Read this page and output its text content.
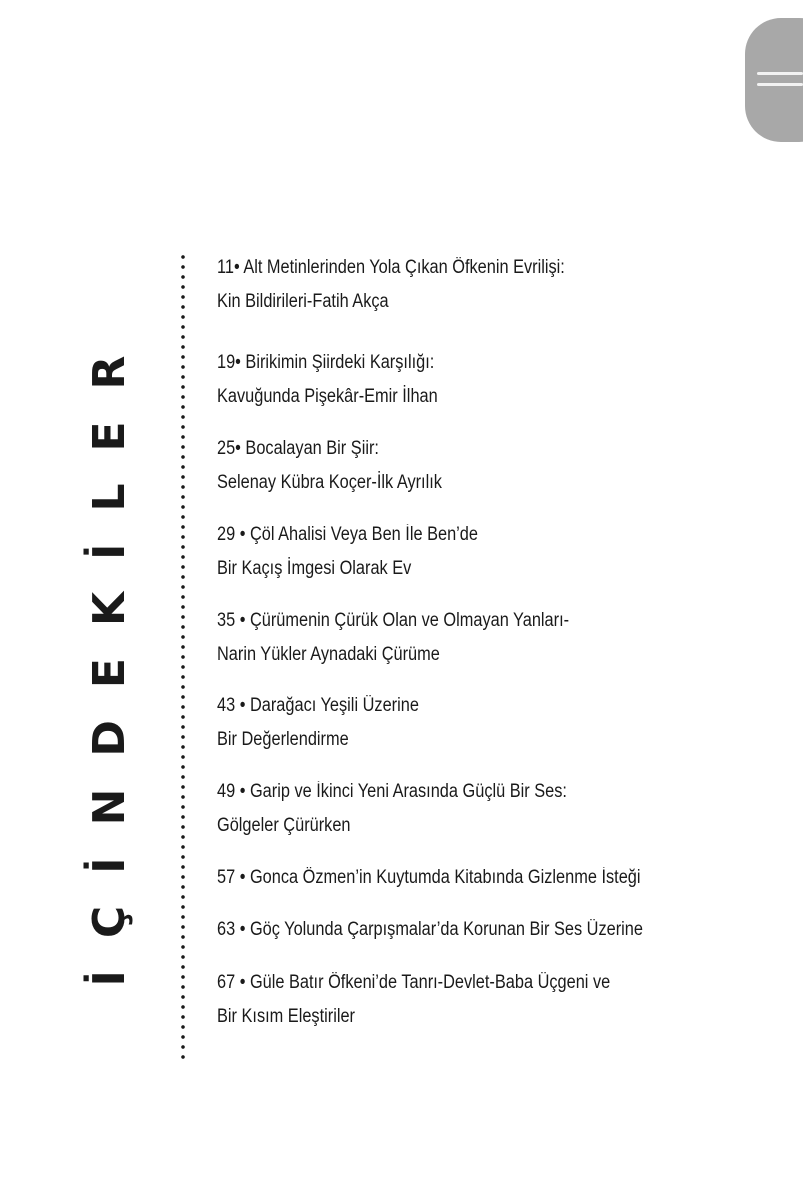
İÇİNDEKİLER
11• Alt Metinlerinden Yola Çıkan Öfkenin Evrilişi:
Kin Bildirileri-Fatih Akça
19• Birikimin Şiirdeki Karşılığı:
Kavuğunda Pişekâr-Emir İlhan
25• Bocalayan Bir Şiir:
Selenay Kübra Koçer-İlk Ayrılık
29 • Çöl Ahalisi Veya Ben İle Ben’de
Bir Kaçış İmgesi Olarak Ev
35 • Çürümenin Çürük Olan ve Olmayan Yanları-
Narin Yükler Aynadaki Çürüme
43 • Darağacı Yeşili Üzerine
Bir Değerlendirme
49 • Garip ve İkinci Yeni Arasında Güçlü Bir Ses:
Gölgeler Çürürken
57 • Gonca Özmen’in Kuytumda Kitabında Gizlenme İsteği
63 • Göç Yolunda Çarpışmalar’da Korunan Bir Ses Üzerine
67 • Güle Batır Öfkeni’de Tanrı-Devlet-Baba Üçgeni ve
Bir Kısım Eleştiriler
